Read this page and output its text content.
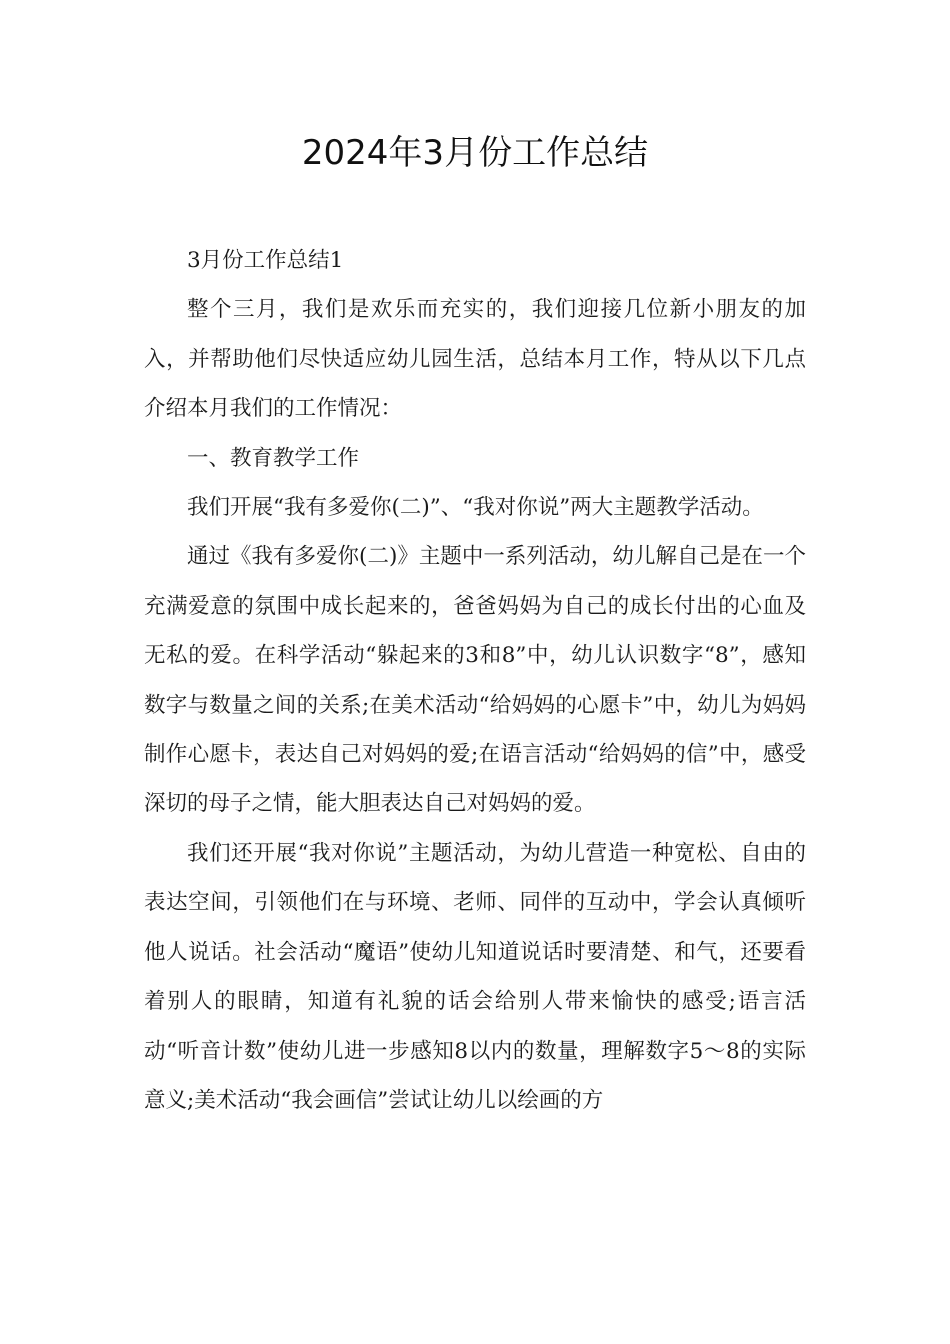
2024年3月份工作总结

3月份工作总结1

整个三月，我们是欢乐而充实的，我们迎接几位新小朋友的加入，并帮助他们尽快适应幼儿园生活，总结本月工作，特从以下几点介绍本月我们的工作情况：

一、教育教学工作

我们开展“我有多爱你(二)”、“我对你说”两大主题教学活动。

通过《我有多爱你(二)》主题中一系列活动，幼儿解自己是在一个充满爱意的氛围中成长起来的，爸爸妈妈为自己的成长付出的心血及无私的爱。在科学活动“躲起来的3和8”中，幼儿认识数字“8”，感知数字与数量之间的关系;在美术活动“给妈妈的心愿卡”中，幼儿为妈妈制作心愿卡，表达自己对妈妈的爱;在语言活动“给妈妈的信”中，感受深切的母子之情，能大胆表达自己对妈妈的爱。

我们还开展“我对你说”主题活动，为幼儿营造一种宽松、自由的表达空间，引领他们在与环境、老师、同伴的互动中，学会认真倾听他人说话。社会活动“魔语”使幼儿知道说话时要清楚、和气，还要看着别人的眼睛，知道有礼貌的话会给别人带来愉快的感受;语言活动“听音计数”使幼儿进一步感知8以内的数量，理解数字5～8的实际意义;美术活动“我会画信”尝试让幼儿以绘画的方
